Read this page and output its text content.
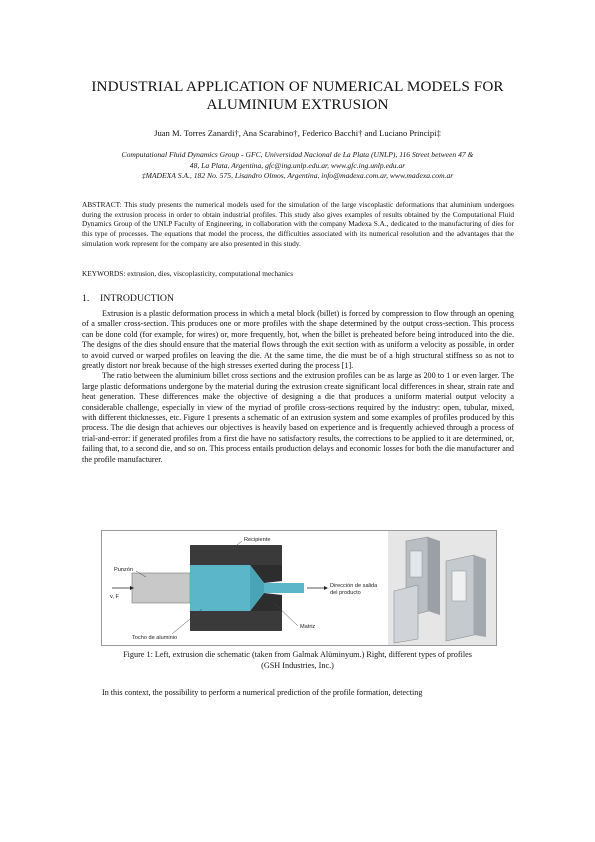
INDUSTRIAL APPLICATION OF NUMERICAL MODELS FOR
ALUMINIUM EXTRUSION
Juan M. Torres Zanardi†, Ana Scarabino†, Federico Bacchi† and Luciano Principi‡
Computational Fluid Dynamics Group - GFC, Universidad Nacional de La Plata (UNLP), 116 Street between 47 &
48, La Plata, Argentina, gfc@ing.unlp.edu.ar, www.gfc.ing.unlp.edu.ar
‡MADEXA S.A., 182 No. 575, Lisandro Olmos, Argentina, info@madexa.com.ar, www.madexa.com.ar
ABSTRACT: This study presents the numerical models used for the simulation of the large viscoplastic deformations that aluminium undergoes during the extrusion process in order to obtain industrial profiles. This study also gives examples of results obtained by the Computational Fluid Dynamics Group of the UNLP Faculty of Engineering, in collaboration with the company Madexa S.A., dedicated to the manufacturing of dies for this type of processes. The equations that model the process, the difficulties associated with its numerical resolution and the advantages that the simulation work represent for the company are also presented in this study.
KEYWORDS: extrusion, dies, viscoplasticity, computational mechanics
1. INTRODUCTION

Extrusion is a plastic deformation process in which a metal block (billet) is forced by compression to flow through an opening of a smaller cross-section. This produces one or more profiles with the shape determined by the output cross-section. This process can be done cold (for example, for wires) or, more frequently, hot, when the billet is preheated before being introduced into the die. The designs of the dies should ensure that the material flows through the exit section with as uniform a velocity as possible, in order to avoid curved or warped profiles on leaving the die. At the same time, the die must be of a high structural stiffness so as not to greatly distort nor break because of the high stresses exerted during the process [1].

The ratio between the aluminium billet cross sections and the extrusion profiles can be as large as 200 to 1 or even larger. The large plastic deformations undergone by the material during the extrusion create significant local differences in shear, strain rate and heat generation. These differences make the objective of designing a die that produces a uniform material output velocity a considerable challenge, especially in view of the myriad of profile cross-sections required by the industry: open, tubular, mixed, with different thicknesses, etc. Figure 1 presents a schematic of an extrusion system and some examples of profiles produced by this process. The die design that achieves our objectives is heavily based on experience and is frequently achieved through a process of trial-and-error: if generated profiles from a first die have no satisfactory results, the corrections to be applied to it are determined, or, failing that, to a second die, and so on. This process entails production delays and economic losses for both the die manufacturer and the profile manufacturer.

Recipiente
Punzón
v, F
Dirección de salida
del producto
Matriz
Tocho de aluminio
Figure 1: Left, extrusion die schematic (taken from Galmak Alüminyum.) Right, different types of profiles
(GSH Industries, Inc.)

In this context, the possibility to perform a numerical prediction of the profile formation, detecting
